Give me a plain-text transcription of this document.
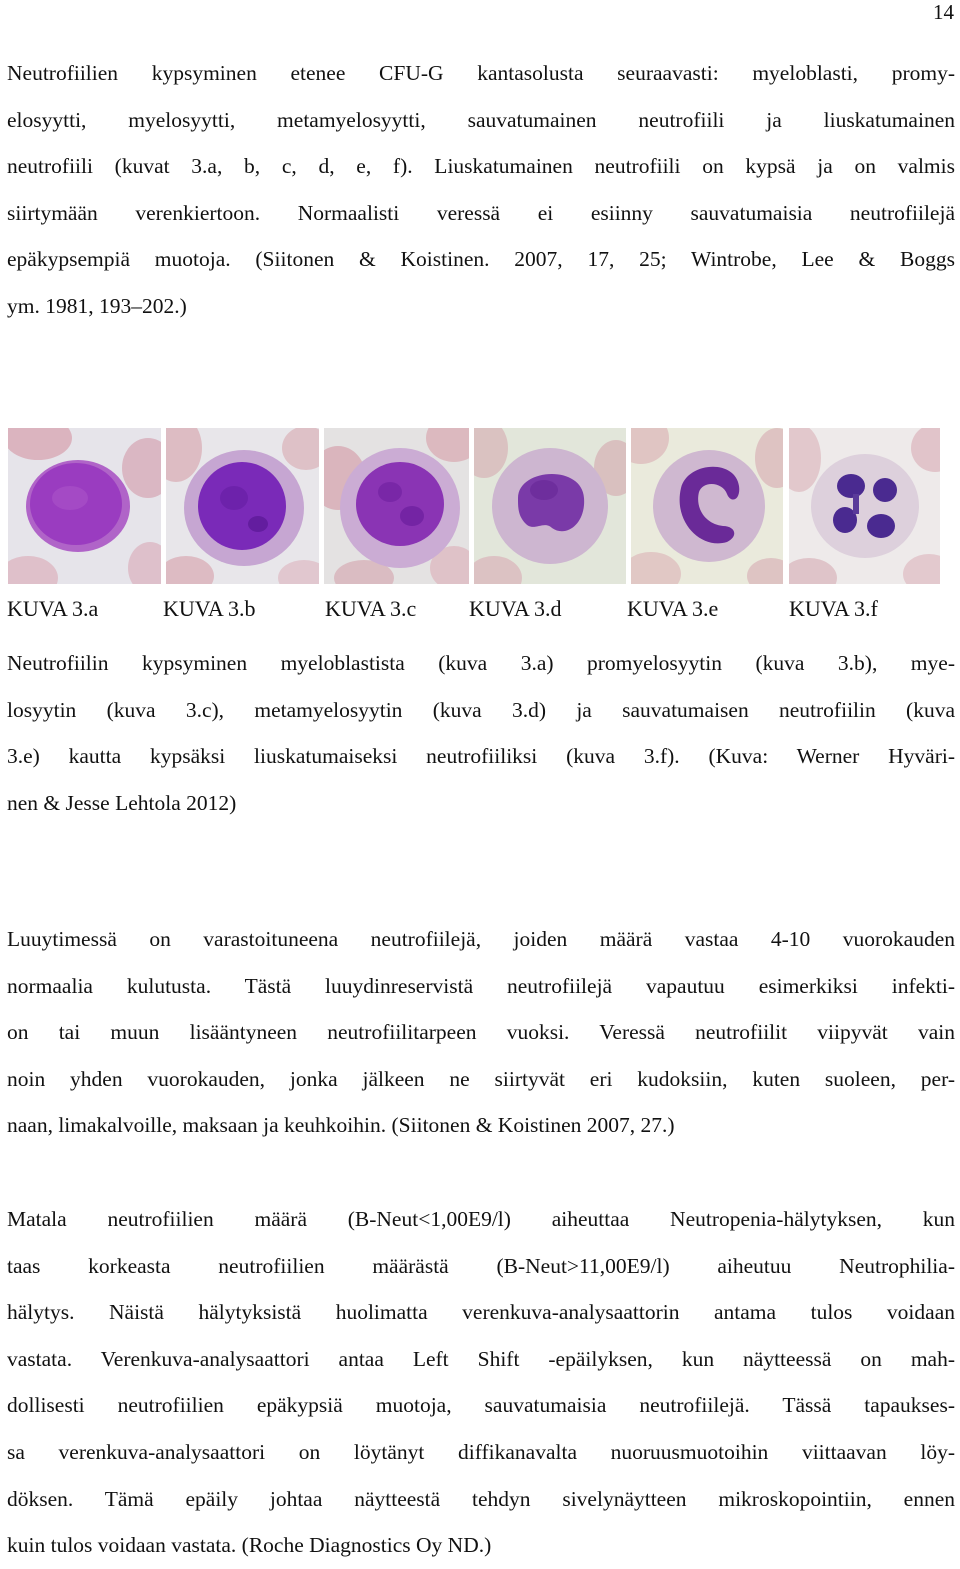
14
Neutrofiilien kypsyminen etenee CFU-G kantasolusta seuraavasti: myeloblasti, promy-
elosyytti, myelosyytti, metamyelosyytti, sauvatumainen neutrofiili ja liuskatumainen
neutrofiili (kuvat 3.a, b, c, d, e, f). Liuskatumainen neutrofiili on kypsä ja on valmis
siirtymään verenkiertoon. Normaalisti veressä ei esiinny sauvatumaisia neutrofiilejä
epäkypsempiä muotoja. (Siitonen & Koistinen. 2007, 17, 25; Wintrobe, Lee & Boggs
ym. 1981, 193–202.)
KUVA 3.a	KUVA 3.b	KUVA 3.c KUVA 3.d	KUVA 3.e	KUVA 3.f
Neutrofiilin kypsyminen myeloblastista (kuva 3.a) promyelosyytin (kuva 3.b), mye-
losyytin (kuva 3.c), metamyelosyytin (kuva 3.d) ja sauvatumaisen neutrofiilin (kuva
3.e) kautta kypsäksi liuskatumaiseksi neutrofiiliksi (kuva 3.f). (Kuva: Werner Hyväri-
nen & Jesse Lehtola 2012)
Luuytimessä on varastoituneena neutrofiilejä, joiden määrä vastaa 4-10 vuorokauden
normaalia kulutusta. Tästä luuydinreservistä neutrofiilejä vapautuu esimerkiksi infekti-
on tai muun lisääntyneen neutrofiilitarpeen vuoksi. Veressä neutrofiilit viipyvät vain
noin yhden vuorokauden, jonka jälkeen ne siirtyvät eri kudoksiin, kuten suoleen, per-
naan, limakalvoille, maksaan ja keuhkoihin. (Siitonen & Koistinen 2007, 27.)
Matala neutrofiilien määrä (B-Neut<1,00E9/l) aiheuttaa Neutropenia-hälytyksen, kun
taas korkeasta neutrofiilien määrästä (B-Neut>11,00E9/l) aiheutuu Neutrophilia-
hälytys. Näistä hälytyksistä huolimatta verenkuva-analysaattorin antama tulos voidaan
vastata. Verenkuva-analysaattori antaa Left Shift -epäilyksen, kun näytteessä on mah-
dollisesti neutrofiilien epäkypsiä muotoja, sauvatumaisia neutrofiilejä. Tässä tapaukses-
sa verenkuva-analysaattori on löytänyt diffikanavalta nuoruusmuotoihin viittaavan löy-
döksen. Tämä epäily johtaa näytteestä tehdyn sivelynäytteen mikroskopointiin, ennen
kuin tulos voidaan vastata. (Roche Diagnostics Oy ND.)
